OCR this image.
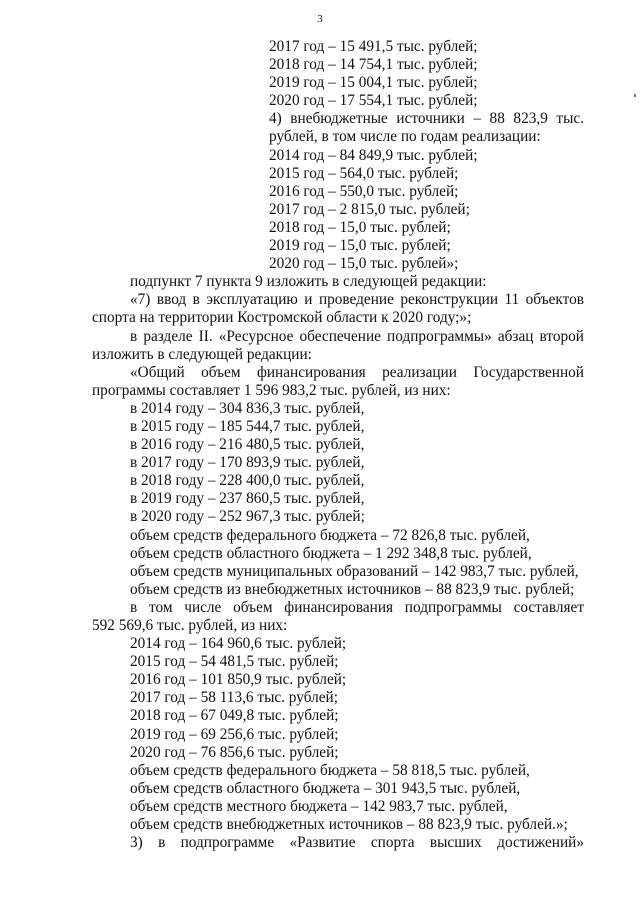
3
2017 год – 15 491,5 тыс. рублей;
2018 год – 14 754,1 тыс. рублей;
2019 год – 15 004,1 тыс. рублей;
2020 год – 17 554,1 тыс. рублей;
4) внебюджетные источники – 88 823,9 тыс.
рублей, в том числе по годам реализации:
2014 год – 84 849,9 тыс. рублей;
2015 год – 564,0 тыс. рублей;
2016 год – 550,0 тыс. рублей;
2017 год – 2 815,0 тыс. рублей;
2018 год – 15,0 тыс. рублей;
2019 год – 15,0 тыс. рублей;
2020 год – 15,0 тыс. рублей»;
подпункт 7 пункта 9 изложить в следующей редакции:
«7) ввод в эксплуатацию и проведение реконструкции 11 объектов
спорта на территории Костромской области к 2020 году;»;
в разделе II. «Ресурсное обеспечение подпрограммы» абзац второй
изложить в следующей редакции:
«Общий объем финансирования реализации Государственной
программы составляет 1 596 983,2 тыс. рублей, из них:
в 2014 году – 304 836,3 тыс. рублей,
в 2015 году – 185 544,7 тыс. рублей,
в 2016 году – 216 480,5 тыс. рублей,
в 2017 году – 170 893,9 тыс. рублей,
в 2018 году – 228 400,0 тыс. рублей,
в 2019 году – 237 860,5 тыс. рублей,
в 2020 году – 252 967,3 тыс. рублей;
объем средств федерального бюджета – 72 826,8 тыс. рублей,
объем средств областного бюджета – 1 292 348,8 тыс. рублей,
объем средств муниципальных образований – 142 983,7 тыс. рублей,
объем средств из внебюджетных источников – 88 823,9 тыс. рублей;
в том числе объем финансирования подпрограммы составляет
592 569,6 тыс. рублей, из них:
2014 год – 164 960,6 тыс. рублей;
2015 год – 54 481,5 тыс. рублей;
2016 год – 101 850,9 тыс. рублей;
2017 год – 58 113,6 тыс. рублей;
2018 год – 67 049,8 тыс. рублей;
2019 год – 69 256,6 тыс. рублей;
2020 год – 76 856,6 тыс. рублей;
объем средств федерального бюджета – 58 818,5 тыс. рублей,
объем средств областного бюджета – 301 943,5 тыс. рублей,
объем средств местного бюджета – 142 983,7 тыс. рублей,
объем средств внебюджетных источников – 88 823,9 тыс. рублей.»;
3) в подпрограмме «Развитие спорта высших достижений»
